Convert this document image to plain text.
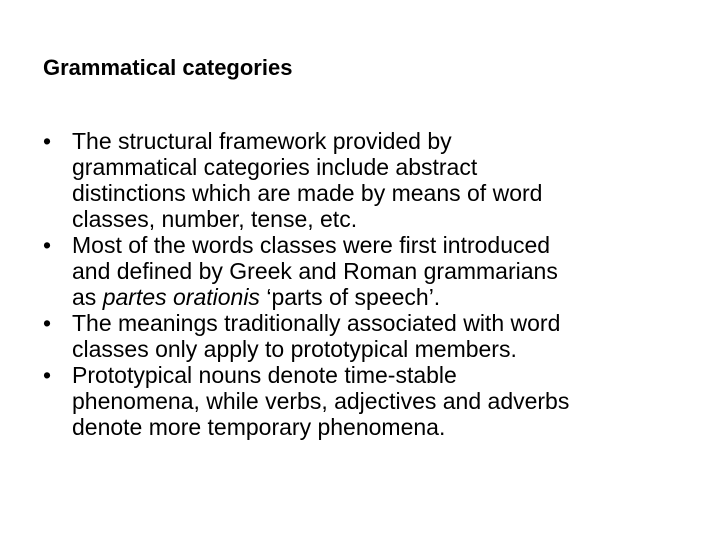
Grammatical categories
• The structural framework provided by
grammatical categories include abstract
distinctions which are made by means of word
classes, number, tense, etc.
• Most of the words classes were first introduced
and defined by Greek and Roman grammarians
as partes orationis ‘parts of speech’.
• The meanings traditionally associated with word
classes only apply to prototypical members.
• Prototypical nouns denote time-stable
phenomena, while verbs, adjectives and adverbs
denote more temporary phenomena.
